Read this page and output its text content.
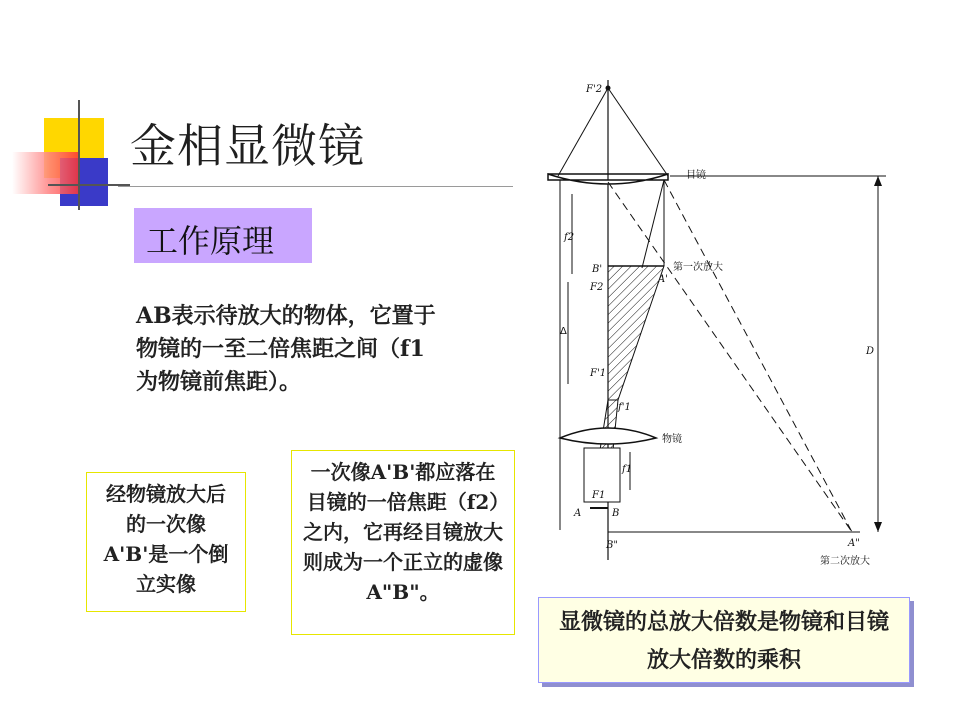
金相显微镜
工作原理
AB表示待放大的物体，它置于物镜的一至二倍焦距之间（f1为物镜前焦距）。
经物镜放大后的一次像A'B'是一个倒立实像
一次像A'B'都应落在目镜的一倍焦距（f2）之内，它再经目镜放大则成为一个正立的虚像A"B"。
显微镜的总放大倍数是物镜和目镜放大倍数的乘积
F'2
目镜
第一次放大
B'
A'
F2
f2
Δ
F'1
f'1
物镜
f1
F1
A	B
B"	A"
第二次放大
D
